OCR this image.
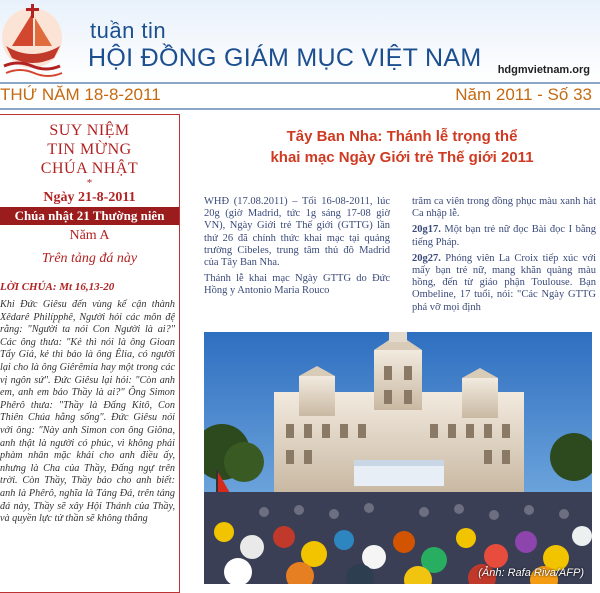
tuần tin
HỘI ĐỒNG GIÁM MỤC VIỆT NAM hdgmvietnam.org
THỨ NĂM 18-8-2011	Năm 2011 - Số 33
SUY NIỆM
TIN MỪNG
CHÚA NHẬT
*
Ngày 21-8-2011
Chúa nhật 21 Thường niên
Năm A
Trên tảng đá này
LỜI CHÚA: Mt 16,13-20
Khi Đức Giêsu đến vùng kế cận thành Xêdarê Philípphê, Người hỏi các môn đệ rằng: "Người ta nói Con Người là ai?" Các ông thưa: "Kẻ thì nói là ông Gioan Tẩy Giả, kẻ thì bảo là ông Êlia, có người lại cho là ông Giêrêmia hay một trong các vị ngôn sứ". Đức Giêsu lại hỏi: "Còn anh em, anh em bảo Thầy là ai?" Ông Simon Phêrô thưa: "Thầy là Đấng Kitô, Con Thiên Chúa hằng sống". Đức Giêsu nói với ông: "Này anh Simon con ông Giôna, anh thật là người có phúc, vì không phải phàm nhân mặc khải cho anh điều ấy, nhưng là Cha của Thầy, Đấng ngự trên trời. Còn Thầy, Thầy bảo cho anh biết: anh là Phêrô, nghĩa là Tảng Đá, trên tảng đá này, Thầy sẽ xây Hội Thánh của Thầy, và quyền lực tử thần sẽ không thắng
Tây Ban Nha: Thánh lễ trọng thể
khai mạc Ngày Giới trẻ Thế giới 2011

WHĐ (17.08.2011) – Tối 16-08-2011, lúc 20g (giờ Madrid, tức 1g sáng 17-08 giờ VN), Ngày Giới trẻ Thế giới (GTTG) lần thứ 26 đã chính thức khai mạc tại quảng trường Cibeles, trung tâm thủ đô Madrid của Tây Ban Nha.

Thánh lễ khai mạc Ngày GTTG do Đức Hồng y Antonio Maria Rouco

trăm ca viên trong đồng phục màu xanh hát Ca nhập lễ.

20g17. Một bạn trẻ nữ đọc Bài đọc I bằng tiếng Pháp.

20g27. Phóng viên La Croix tiếp xúc với mấy bạn trẻ nữ, mang khăn quàng màu hồng, đến từ giáo phận Toulouse. Bạn Ombeline, 17 tuổi, nói: "Các Ngày GTTG phá vỡ mọi định

(Ảnh: Rafa Riva/AFP)
